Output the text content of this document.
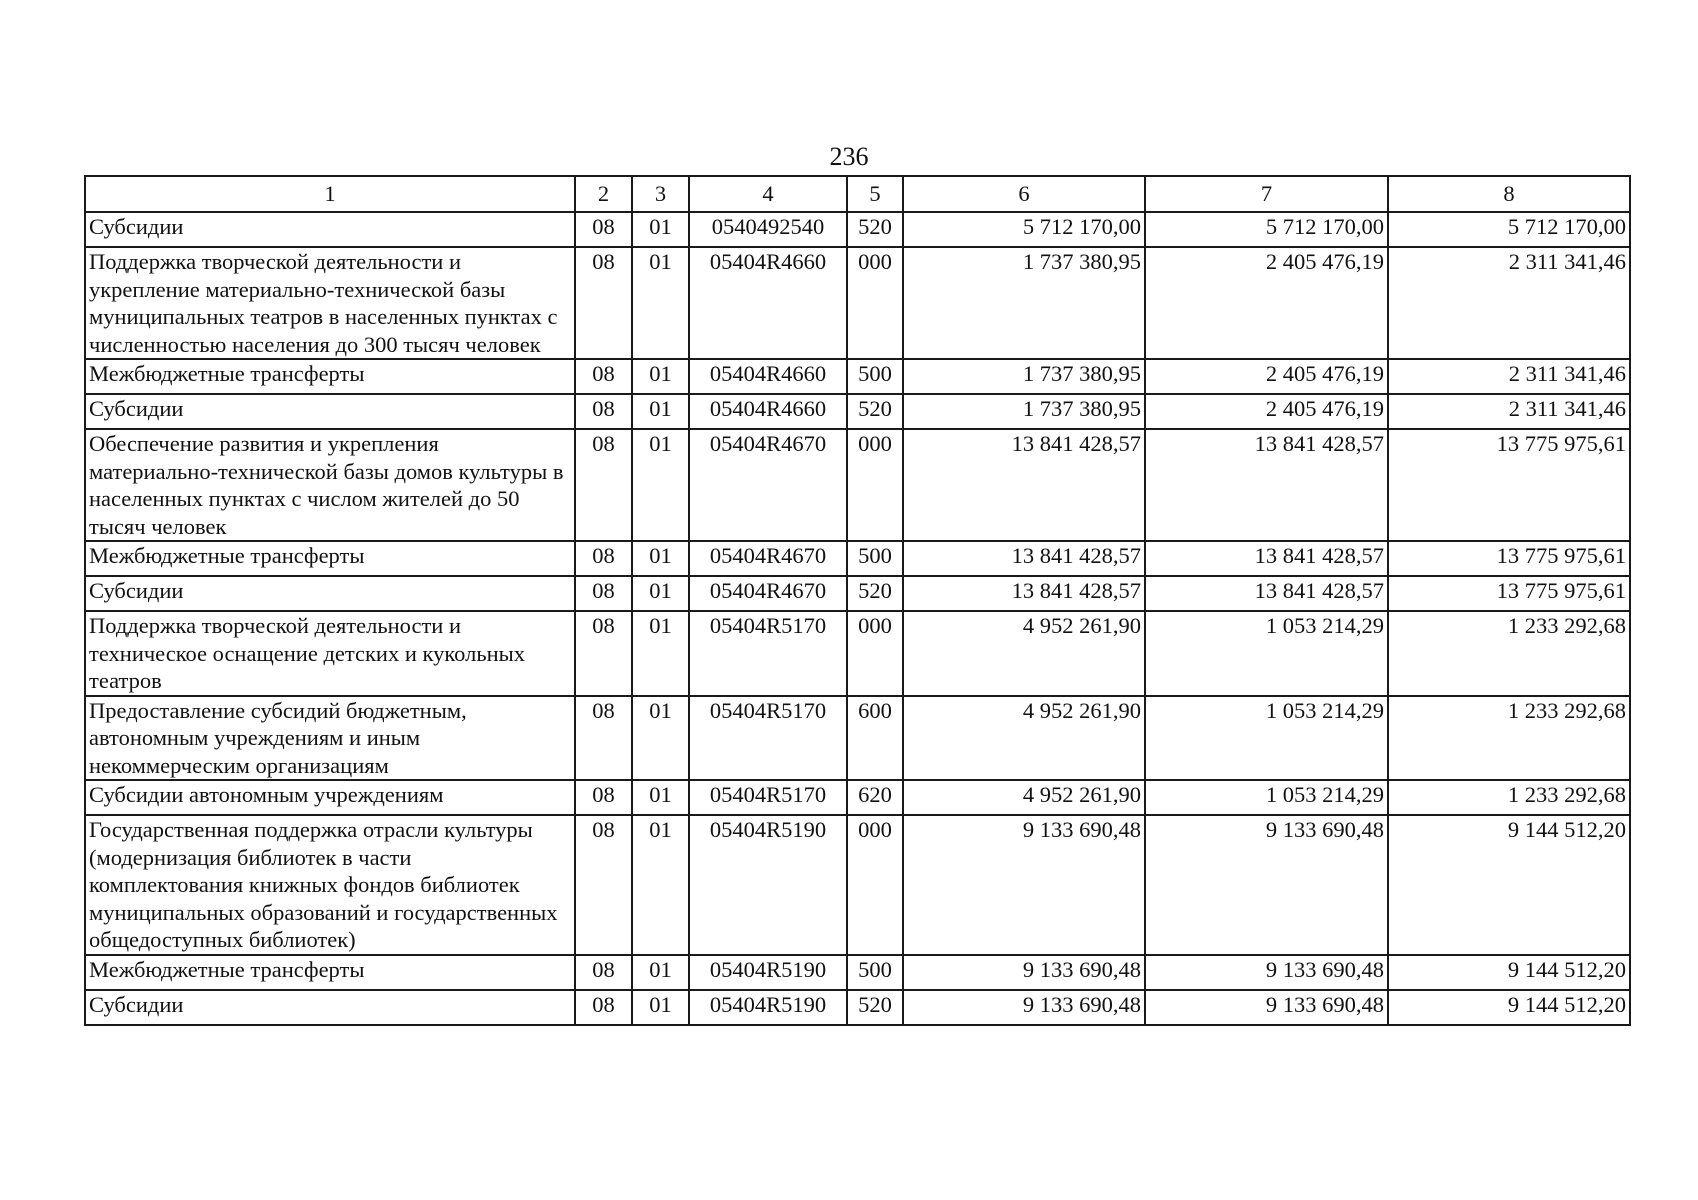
236
1	2	3	4	5	6	7	8
Субсидии	08	01	0540492540	520	5 712 170,00	5 712 170,00	5 712 170,00
Поддержка творческой деятельности и укрепление материально-технической базы муниципальных театров в населенных пунктах с численностью населения до 300 тысяч человек	08	01	05404R4660	000	1 737 380,95	2 405 476,19	2 311 341,46
Межбюджетные трансферты	08	01	05404R4660	500	1 737 380,95	2 405 476,19	2 311 341,46
Субсидии	08	01	05404R4660	520	1 737 380,95	2 405 476,19	2 311 341,46
Обеспечение развития и укрепления материально-технической базы домов культуры в населенных пунктах с числом жителей до 50 тысяч человек	08	01	05404R4670	000	13 841 428,57	13 841 428,57	13 775 975,61
Межбюджетные трансферты	08	01	05404R4670	500	13 841 428,57	13 841 428,57	13 775 975,61
Субсидии	08	01	05404R4670	520	13 841 428,57	13 841 428,57	13 775 975,61
Поддержка творческой деятельности и техническое оснащение детских и кукольных театров	08	01	05404R5170	000	4 952 261,90	1 053 214,29	1 233 292,68
Предоставление субсидий бюджетным, автономным учреждениям и иным некоммерческим организациям	08	01	05404R5170	600	4 952 261,90	1 053 214,29	1 233 292,68
Субсидии автономным учреждениям	08	01	05404R5170	620	4 952 261,90	1 053 214,29	1 233 292,68
Государственная поддержка отрасли культуры (модернизация библиотек в части комплектования книжных фондов библиотек муниципальных образований и государственных общедоступных библиотек)	08	01	05404R5190	000	9 133 690,48	9 133 690,48	9 144 512,20
Межбюджетные трансферты	08	01	05404R5190	500	9 133 690,48	9 133 690,48	9 144 512,20
Субсидии	08	01	05404R5190	520	9 133 690,48	9 133 690,48	9 144 512,20
